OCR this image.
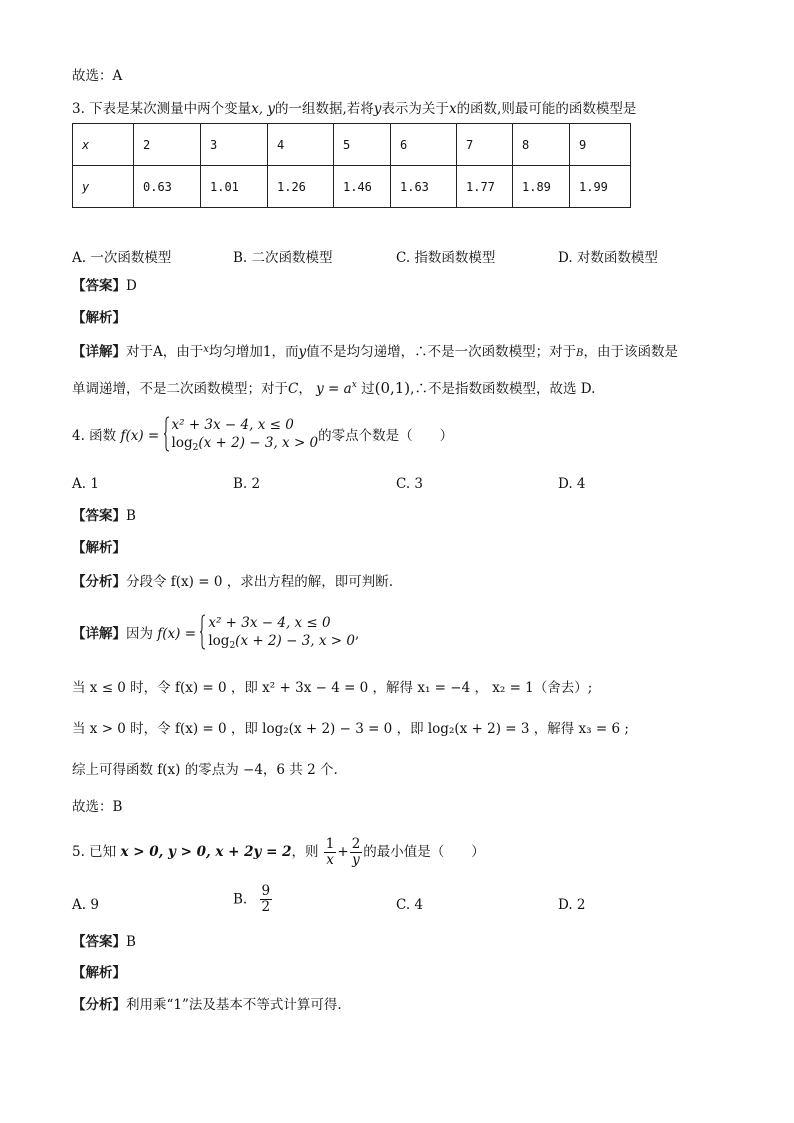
故选：A
3. 下表是某次测量中两个变量x, y的一组数据,若将y表示为关于x的函数,则最可能的函数模型是
x	2	3	4	5	6	7	8	9
y	0.63	1.01	1.26	1.46	1.63	1.77	1.89	1.99
A. 一次函数模型	B. 二次函数模型	C. 指数函数模型	D. 对数函数模型
【答案】D
【解析】
【详解】对于A，由于$^x$均匀增加1，而y值不是均匀递增，∴不是一次函数模型；对于B，由于该函数是
单调递增，不是二次函数模型；对于C， $y = a^x$ 过(0,1),∴不是指数函数模型，故选 D.
4. 函数 f(x) =
x² + 3x − 4, x ≤ 0
$\log_2(x + 2) - 3$, x > 0 的零点个数是（　　）
A. 1	B. 2	C. 3	D. 4
【答案】B
【解析】
【分析】分段令 f(x) = 0 ，求出方程的解，即可判断.
【详解】因为 f(x) =
x² + 3x − 4, x ≤ 0
$\log_2(x + 2) - 3$, x > 0 ,
当 x ≤ 0 时，令 f(x) = 0 ，即 x² + 3x − 4 = 0 ，解得 x₁ = −4 ， x₂ = 1（舍去）;
当 x > 0 时，令 f(x) = 0 ，即 log₂(x + 2) − 3 = 0 ，即 log₂(x + 2) = 3 ，解得 x₃ = 6 ;
综上可得函数 f(x) 的零点为 −4，6 共 2 个.
故选：B
5. 已知 x > 0, y > 0, x + 2y = 2，则 $\frac{1}{x} + \frac{2}{y}$ 的最小值是（　　）
A. 9	B. $\frac{9}{2}$	C. 4	D. 2
【答案】B
【解析】
【分析】利用乘“1”法及基本不等式计算可得.
